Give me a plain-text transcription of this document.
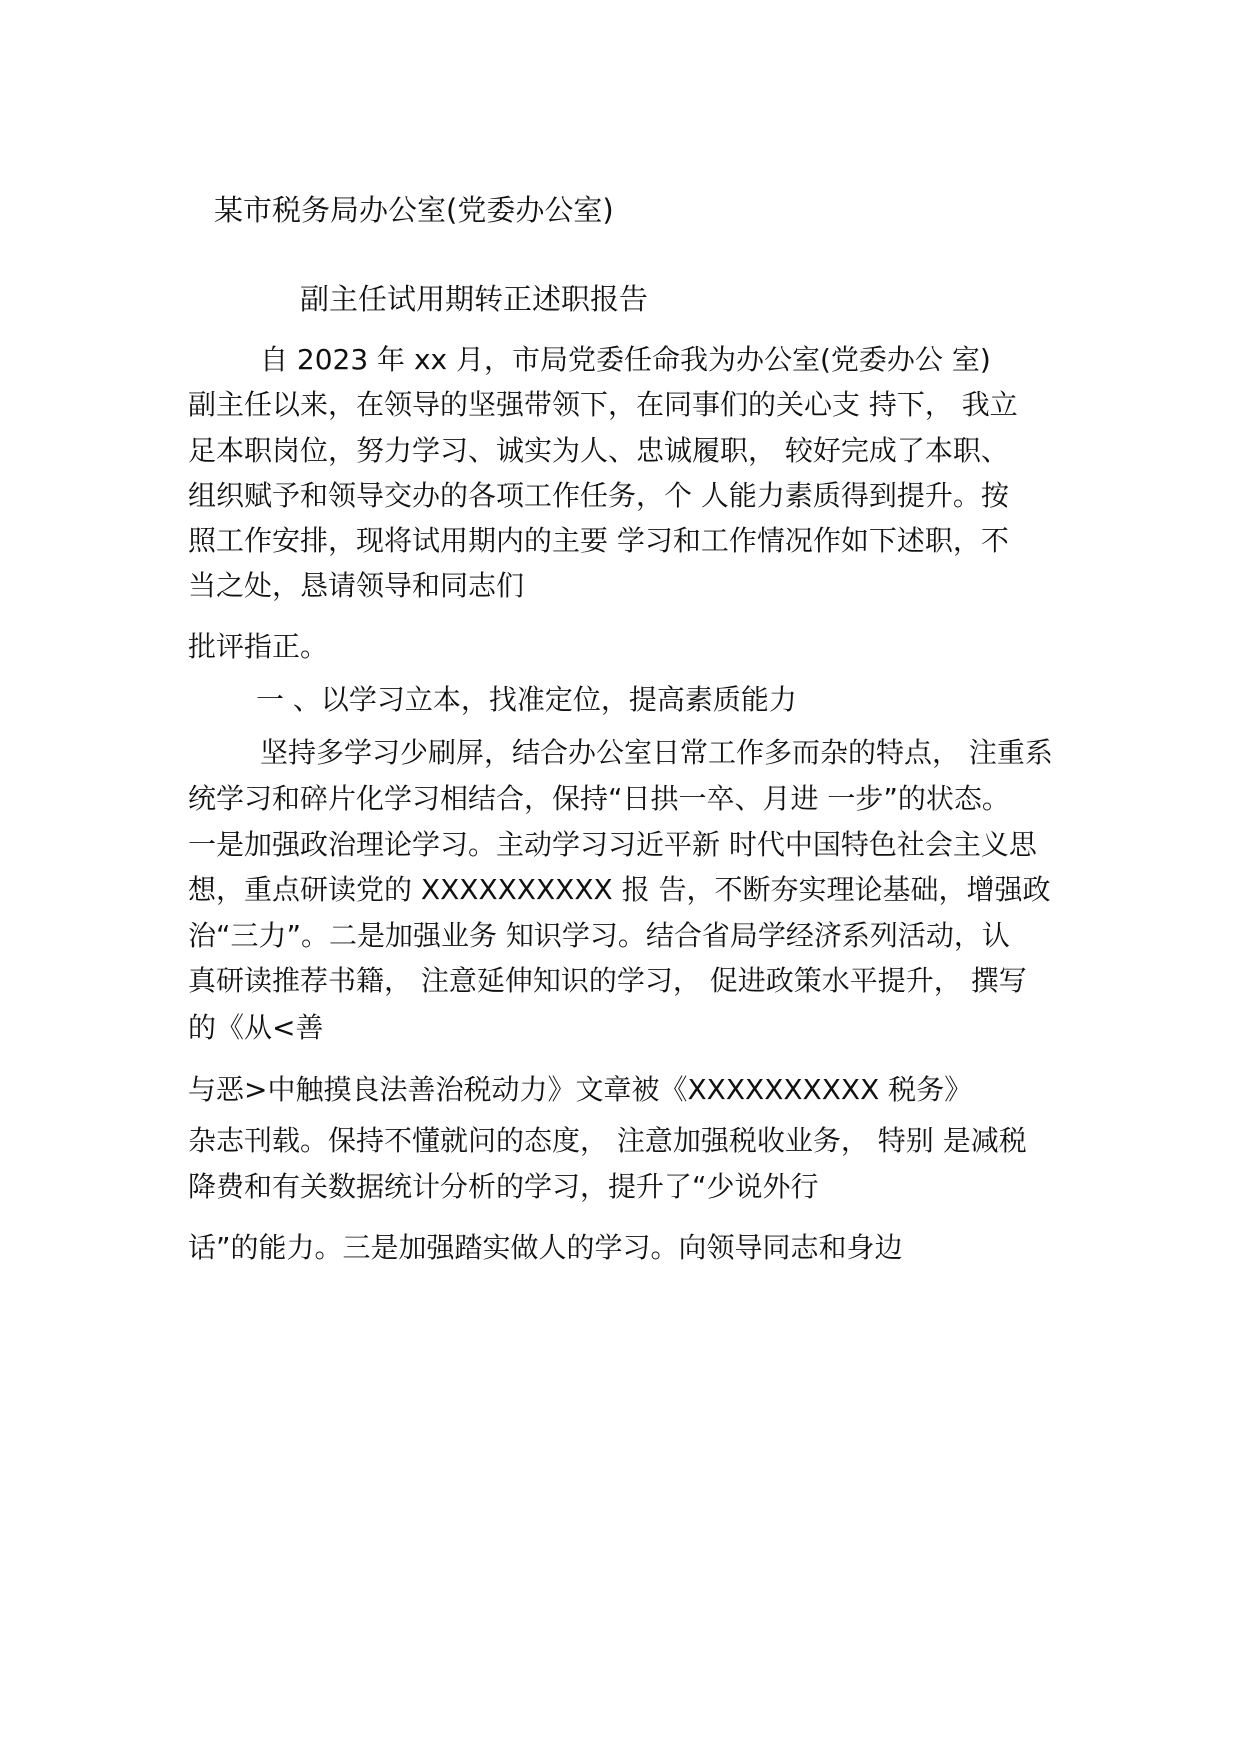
某市税务局办公室(党委办公室)
副主任试用期转正述职报告
自 2023 年 xx 月，市局党委任命我为办公室(党委办公 室)
副主任以来，在领导的坚强带领下，在同事们的关心支 持下， 我立
足本职岗位，努力学习、诚实为人、忠诚履职， 较好完成了本职、
组织赋予和领导交办的各项工作任务，个 人能力素质得到提升。按
照工作安排，现将试用期内的主要 学习和工作情况作如下述职，不
当之处，恳请领导和同志们
批评指正。
一 、以学习立本，找准定位，提高素质能力
坚持多学习少刷屏，结合办公室日常工作多而杂的特点， 注重系
统学习和碎片化学习相结合，保持“日拱一卒、月进 一步”的状态。
一是加强政治理论学习。主动学习习近平新 时代中国特色社会主义思
想，重点研读党的 XXXXXXXXXX 报 告，不断夯实理论基础，增强政
治“三力”。二是加强业务 知识学习。结合省局学经济系列活动，认
真研读推荐书籍， 注意延伸知识的学习， 促进政策水平提升， 撰写
的《从<善
与恶>中触摸良法善治税动力》文章被《XXXXXXXXXX 税务》
杂志刊载。保持不懂就问的态度， 注意加强税收业务， 特别 是减税
降费和有关数据统计分析的学习，提升了“少说外行
话”的能力。三是加强踏实做人的学习。向领导同志和身边
